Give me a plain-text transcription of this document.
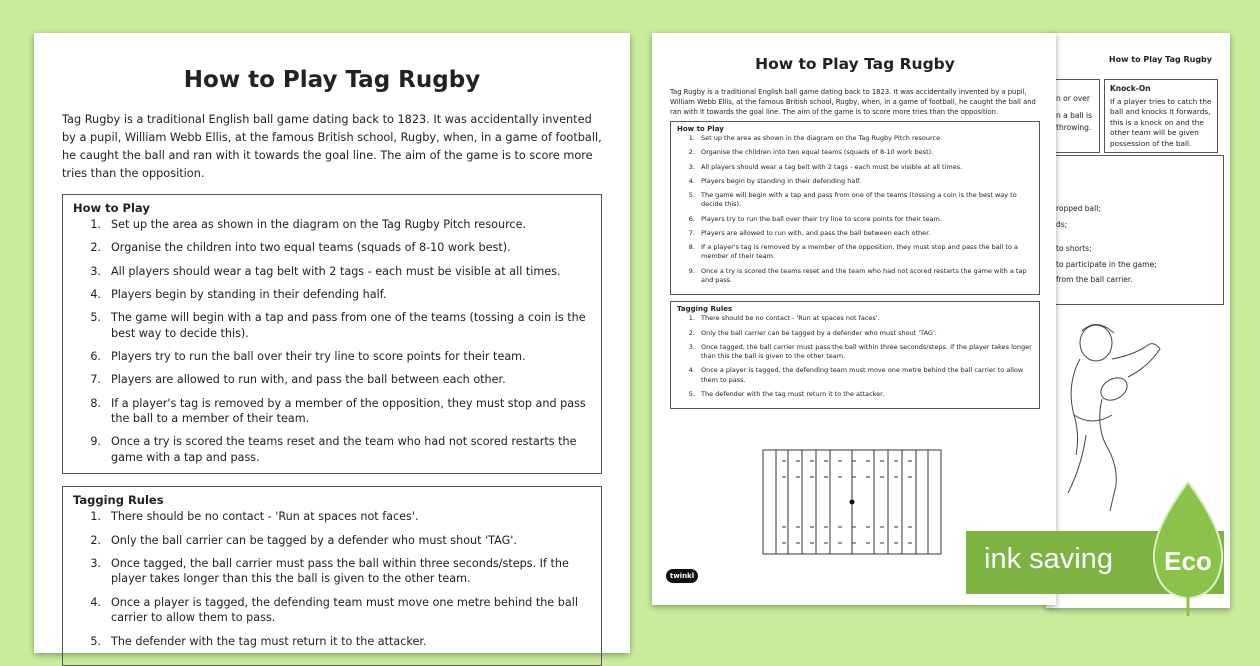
How to Play Tag Rugby
n or over
n a ball is
throwing.
Knock-On
If a player tries to catch the ball and knocks it forwards, this is a knock on and the other team will be given possession of the ball.
ropped ball;
ds;
to shorts;
to participate in the game;
from the ball carrier.
How to Play Tag Rugby

Tag Rugby is a traditional English ball game dating back to 1823. It was accidentally invented by a pupil, William Webb Ellis, at the famous British school, Rugby, when, in a game of football, he caught the ball and ran with it towards the goal line. The aim of the game is to score more tries than the opposition.

How to Play
1. Set up the area as shown in the diagram on the Tag Rugby Pitch resource.
2. Organise the children into two equal teams (squads of 8-10 work best).
3. All players should wear a tag belt with 2 tags - each must be visible at all times.
4. Players begin by standing in their defending half.
5. The game will begin with a tap and pass from one of the teams (tossing a coin is the best way to decide this).
6. Players try to run the ball over their try line to score points for their team.
7. Players are allowed to run with, and pass the ball between each other.
8. If a player's tag is removed by a member of the opposition, they must stop and pass the ball to a member of their team.
9. Once a try is scored the teams reset and the team who had not scored restarts the game with a tap and pass.
Tagging Rules
1. There should be no contact - 'Run at spaces not faces'.
2. Only the ball carrier can be tagged by a defender who must shout 'TAG'.
3. Once tagged, the ball carrier must pass the ball within three seconds/steps. If the player takes longer than this the ball is given to the other team.
4. Once a player is tagged, the defending team must move one metre behind the ball carrier to allow them to pass.
5. The defender with the tag must return it to the attacker.
twinkl
How to Play Tag Rugby

Tag Rugby is a traditional English ball game dating back to 1823. It was accidentally invented by a pupil, William Webb Ellis, at the famous British school, Rugby, when, in a game of football, he caught the ball and ran with it towards the goal line. The aim of the game is to score more tries than the opposition.

How to Play
1. Set up the area as shown in the diagram on the Tag Rugby Pitch resource.
2. Organise the children into two equal teams (squads of 8-10 work best).
3. All players should wear a tag belt with 2 tags - each must be visible at all times.
4. Players begin by standing in their defending half.
5. The game will begin with a tap and pass from one of the teams (tossing a coin is the best way to decide this).
6. Players try to run the ball over their try line to score points for their team.
7. Players are allowed to run with, and pass the ball between each other.
8. If a player's tag is removed by a member of the opposition, they must stop and pass the ball to a member of their team.
9. Once a try is scored the teams reset and the team who had not scored restarts the game with a tap and pass.
Tagging Rules
1. There should be no contact - 'Run at spaces not faces'.
2. Only the ball carrier can be tagged by a defender who must shout 'TAG'.
3. Once tagged, the ball carrier must pass the ball within three seconds/steps. If the player takes longer than this the ball is given to the other team.
4. Once a player is tagged, the defending team must move one metre behind the ball carrier to allow them to pass.
5. The defender with the tag must return it to the attacker.
ink saving Eco
